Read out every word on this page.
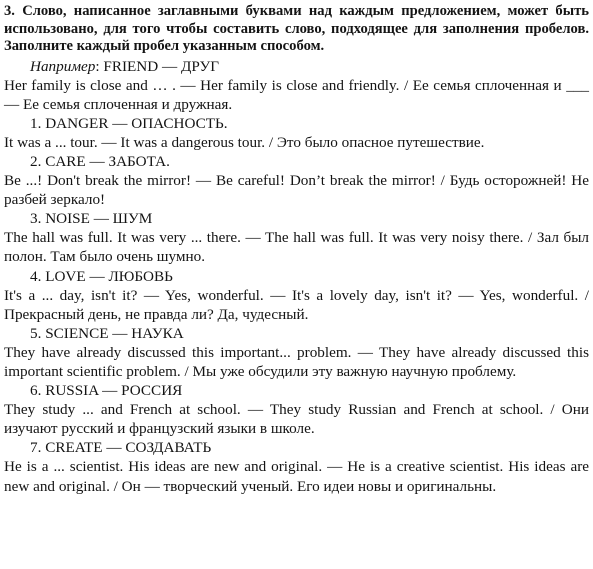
3. Слово, написанное заглавными буквами над каждым предложением, может быть использовано, для того чтобы составить слово, подходящее для заполнения пробелов. Заполните каждый пробел указанным способом.

Например: FRIEND — ДРУГ

Her family is close and … . — Her family is close and friendly. / Ее семья сплоченная и ___ — Ее семья сплоченная и дружная.

1. DANGER — ОПАСНОСТЬ.

It was a ... tour. — It was a dangerous tour. / Это было опасное путешествие.

2. CARE — ЗАБОТА.

Be ...! Don't break the mirror! — Be careful! Don’t break the mirror! / Будь осторожней! Не разбей зеркало!

3. NOISE — ШУМ

The hall was full. It was very ... there. — The hall was full. It was very noisy there. / Зал был полон. Там было очень шумно.

4. LOVE — ЛЮБОВЬ

It's a ... day, isn't it? — Yes, wonderful. — It's a lovely day, isn't it? — Yes, wonderful. / Прекрасный день, не правда ли? Да, чудесный.

5. SCIENCE — НАУКА

They have already discussed this important... problem. — They have already discussed this important scientific problem. / Мы уже обсудили эту важную научную проблему.

6. RUSSIA — РОССИЯ

They study ... and French at school. — They study Russian and French at school. / Они изучают русский и французский языки в школе.

7. CREATE — СОЗДАВАТЬ

He is a ... scientist. His ideas are new and original. — He is a creative scientist. His ideas are new and original. / Он — творческий ученый. Его идеи новы и оригинальны.
